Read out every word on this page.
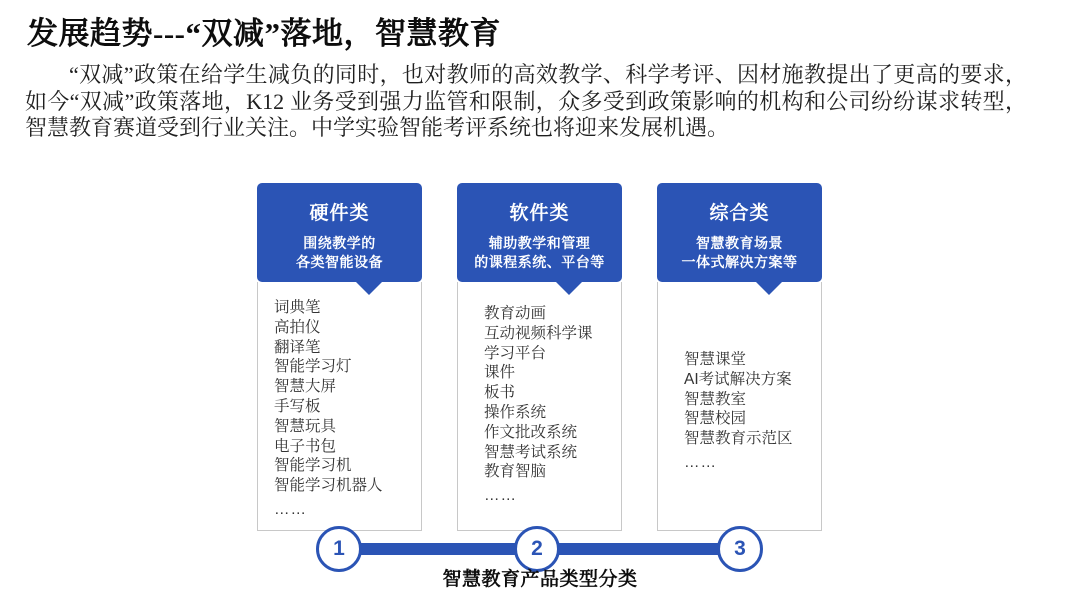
发展趋势---“双减”落地，智慧教育
“双减”政策在给学生减负的同时，也对教师的高效教学、科学考评、因材施教提出了更高的要求，如今“双减”政策落地，K12 业务受到强力监管和限制，众多受到政策影响的机构和公司纷纷谋求转型，智慧教育赛道受到行业关注。中学实验智能考评系统也将迎来发展机遇。
硬件类
围绕教学的
各类智能设备
词典笔
高拍仪
翻译笔
智能学习灯
智慧大屏
手写板
智慧玩具
电子书包
智能学习机
智能学习机器人
……
软件类
辅助教学和管理
的课程系统、平台等
教育动画
互动视频科学课
学习平台
课件
板书
操作系统
作文批改系统
智慧考试系统
教育智脑
……
综合类
智慧教育场景
一体式解决方案等
智慧课堂
AI考试解决方案
智慧教室
智慧校园
智慧教育示范区
……
1	2	3
智慧教育产品类型分类
